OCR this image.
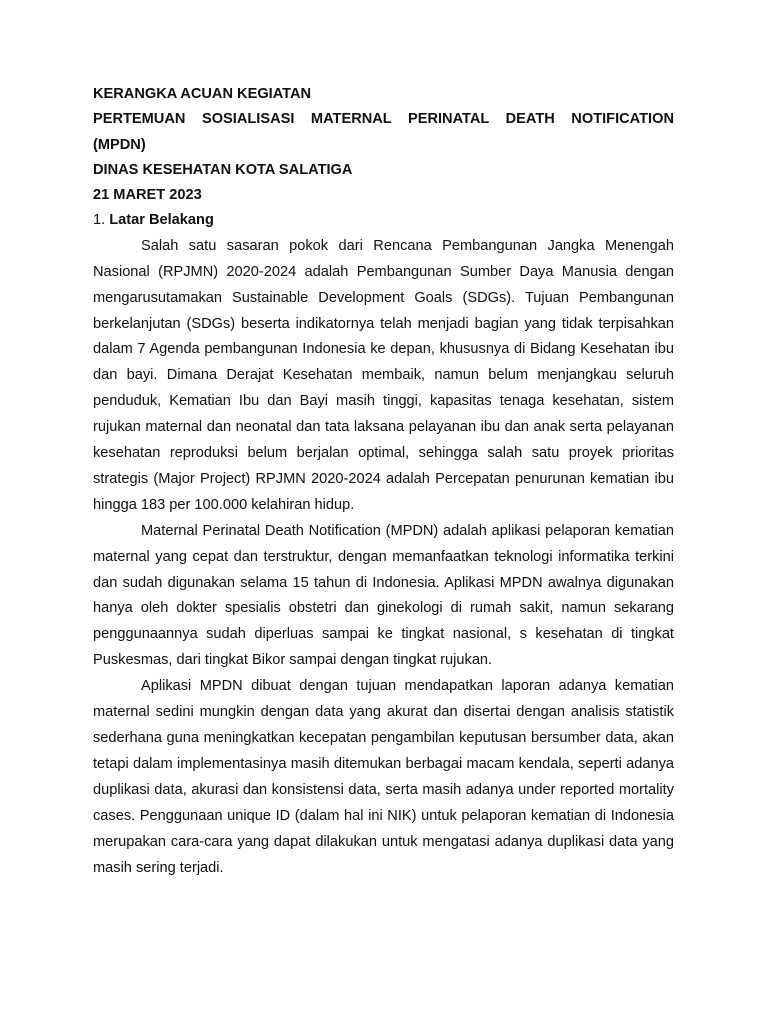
KERANGKA ACUAN KEGIATAN

PERTEMUAN SOSIALISASI MATERNAL PERINATAL DEATH NOTIFICATION

(MPDN)

DINAS KESEHATAN KOTA SALATIGA

21 MARET 2023

1. Latar Belakang

Salah satu sasaran pokok dari Rencana Pembangunan Jangka Menengah Nasional (RPJMN) 2020-2024 adalah Pembangunan Sumber Daya Manusia dengan mengarusutamakan Sustainable Development Goals (SDGs). Tujuan Pembangunan berkelanjutan (SDGs) beserta indikatornya telah menjadi bagian yang tidak terpisahkan dalam 7 Agenda pembangunan Indonesia ke depan, khususnya di Bidang Kesehatan ibu dan bayi. Dimana Derajat Kesehatan membaik, namun belum menjangkau seluruh penduduk, Kematian Ibu dan Bayi masih tinggi, kapasitas tenaga kesehatan, sistem rujukan maternal dan neonatal dan tata laksana pelayanan ibu dan anak serta pelayanan kesehatan reproduksi belum berjalan optimal, sehingga salah satu proyek prioritas strategis (Major Project) RPJMN 2020-2024 adalah Percepatan penurunan kematian ibu hingga 183 per 100.000 kelahiran hidup.

Maternal Perinatal Death Notification (MPDN) adalah aplikasi pelaporan kematian maternal yang cepat dan terstruktur, dengan memanfaatkan teknologi informatika terkini dan sudah digunakan selama 15 tahun di Indonesia. Aplikasi MPDN awalnya digunakan hanya oleh dokter spesialis obstetri dan ginekologi di rumah sakit, namun sekarang penggunaannya sudah diperluas sampai ke tingkat nasional, s kesehatan di tingkat Puskesmas, dari tingkat Bikor sampai dengan tingkat rujukan.

Aplikasi MPDN dibuat dengan tujuan mendapatkan laporan adanya kematian maternal sedini mungkin dengan data yang akurat dan disertai dengan analisis statistik sederhana guna meningkatkan kecepatan pengambilan keputusan bersumber data, akan tetapi dalam implementasinya masih ditemukan berbagai macam kendala, seperti adanya duplikasi data, akurasi dan konsistensi data, serta masih adanya under reported mortality cases. Penggunaan unique ID (dalam hal ini NIK) untuk pelaporan kematian di Indonesia merupakan cara-cara yang dapat dilakukan untuk mengatasi adanya duplikasi data yang masih sering terjadi.
